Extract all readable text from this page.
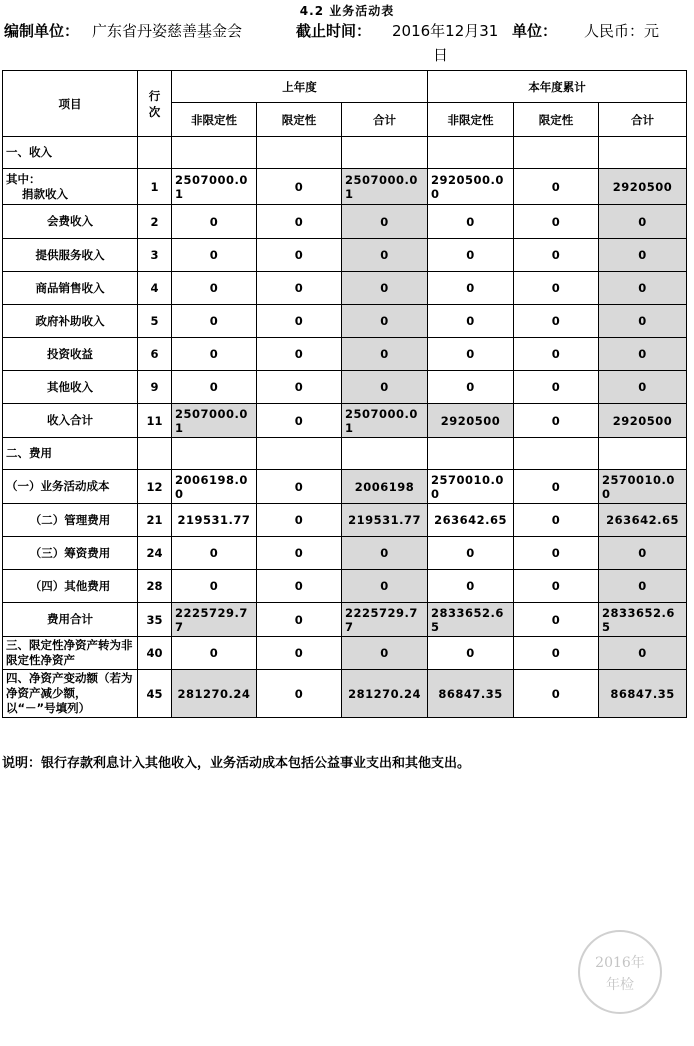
4.2 业务活动表
编制单位： 广东省丹姿慈善基金会	截止时间： 2016年12月31 单位： 人民币：元
日
项目	行次	上年度			本年度累计		
		非限定性	限定性	合计	非限定性	限定性	合计
一、收入							
其中：
捐款收入	1	2507000.01	0	2507000.01	2920500.00	0	2920500
会费收入	2	0	0	0	0	0	0
提供服务收入	3	0	0	0	0	0	0
商品销售收入	4	0	0	0	0	0	0
政府补助收入	5	0	0	0	0	0	0
投资收益	6	0	0	0	0	0	0
其他收入	9	0	0	0	0	0	0
收入合计	11	2507000.01	0	2507000.01	2920500	0	2920500
二、费用							
（一）业务活动成本	12	2006198.00	0	2006198	2570010.00	0	2570010.00
（二）管理费用	21	219531.77	0	219531.77	263642.65	0	263642.65
（三）筹资费用	24	0	0	0	0	0	0
（四）其他费用	28	0	0	0	0	0	0
费用合计	35	2225729.77	0	2225729.77	2833652.65	0	2833652.65
三、限定性净资产转为非限定性净资产	40	0	0	0	0	0	0
四、净资产变动额（若为净资产减少额，以“－”号填列）	45	281270.24	0	281270.24	86847.35	0	86847.35
说明：银行存款利息计入其他收入，业务活动成本包括公益事业支出和其他支出。
2016年
年检
